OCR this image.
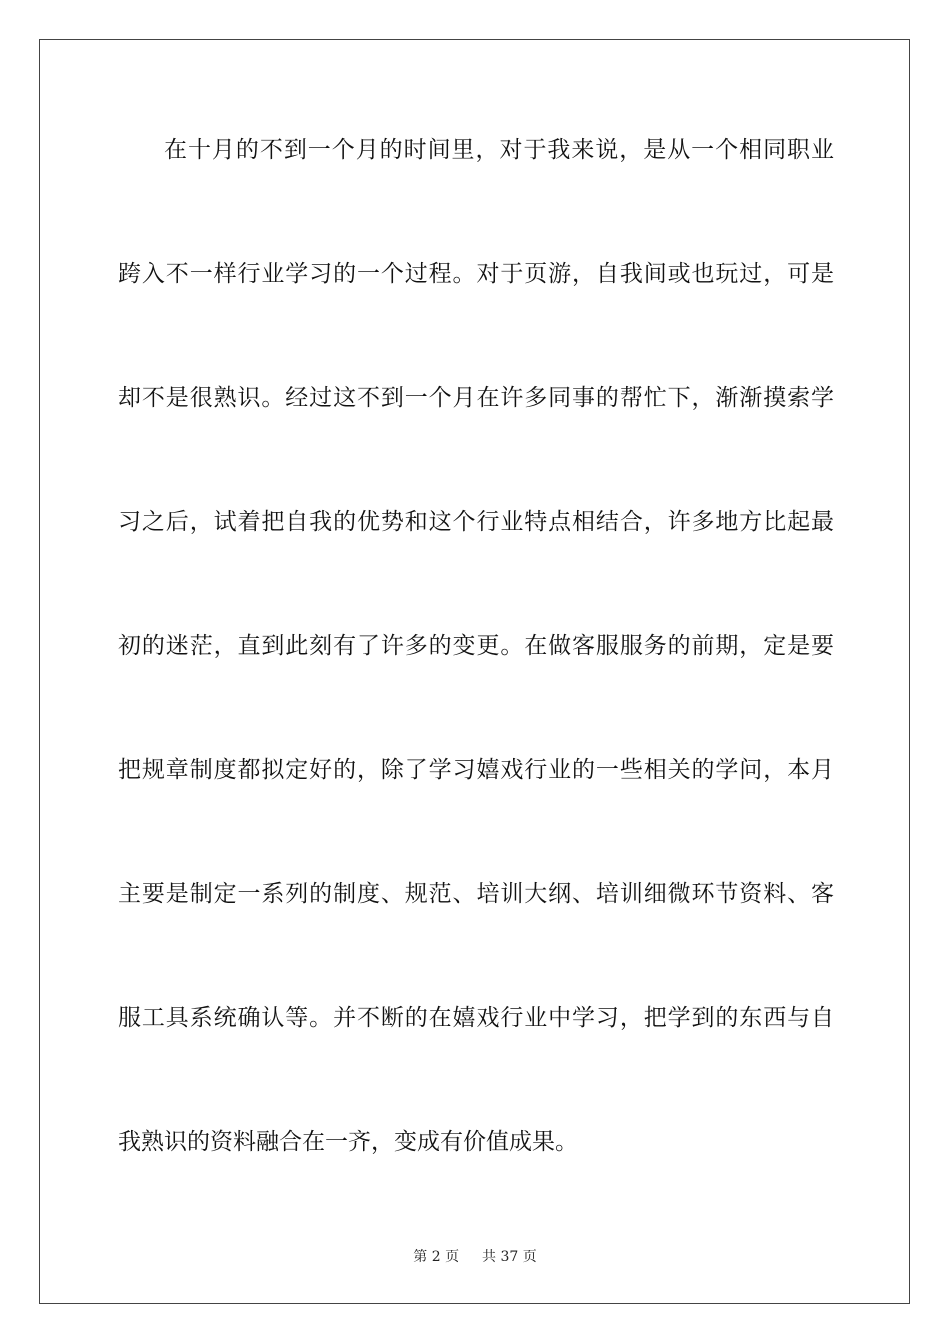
在十月的不到一个月的时间里，对于我来说，是从一个相同职业
跨入不一样行业学习的一个过程。对于页游，自我间或也玩过，可是
却不是很熟识。经过这不到一个月在许多同事的帮忙下，渐渐摸索学
习之后，试着把自我的优势和这个行业特点相结合，许多地方比起最
初的迷茫，直到此刻有了许多的变更。在做客服服务的前期，定是要
把规章制度都拟定好的，除了学习嬉戏行业的一些相关的学问，本月
主要是制定一系列的制度、规范、培训大纲、培训细微环节资料、客
服工具系统确认等。并不断的在嬉戏行业中学习，把学到的东西与自
我熟识的资料融合在一齐，变成有价值成果。
第 2 页 共 37 页
